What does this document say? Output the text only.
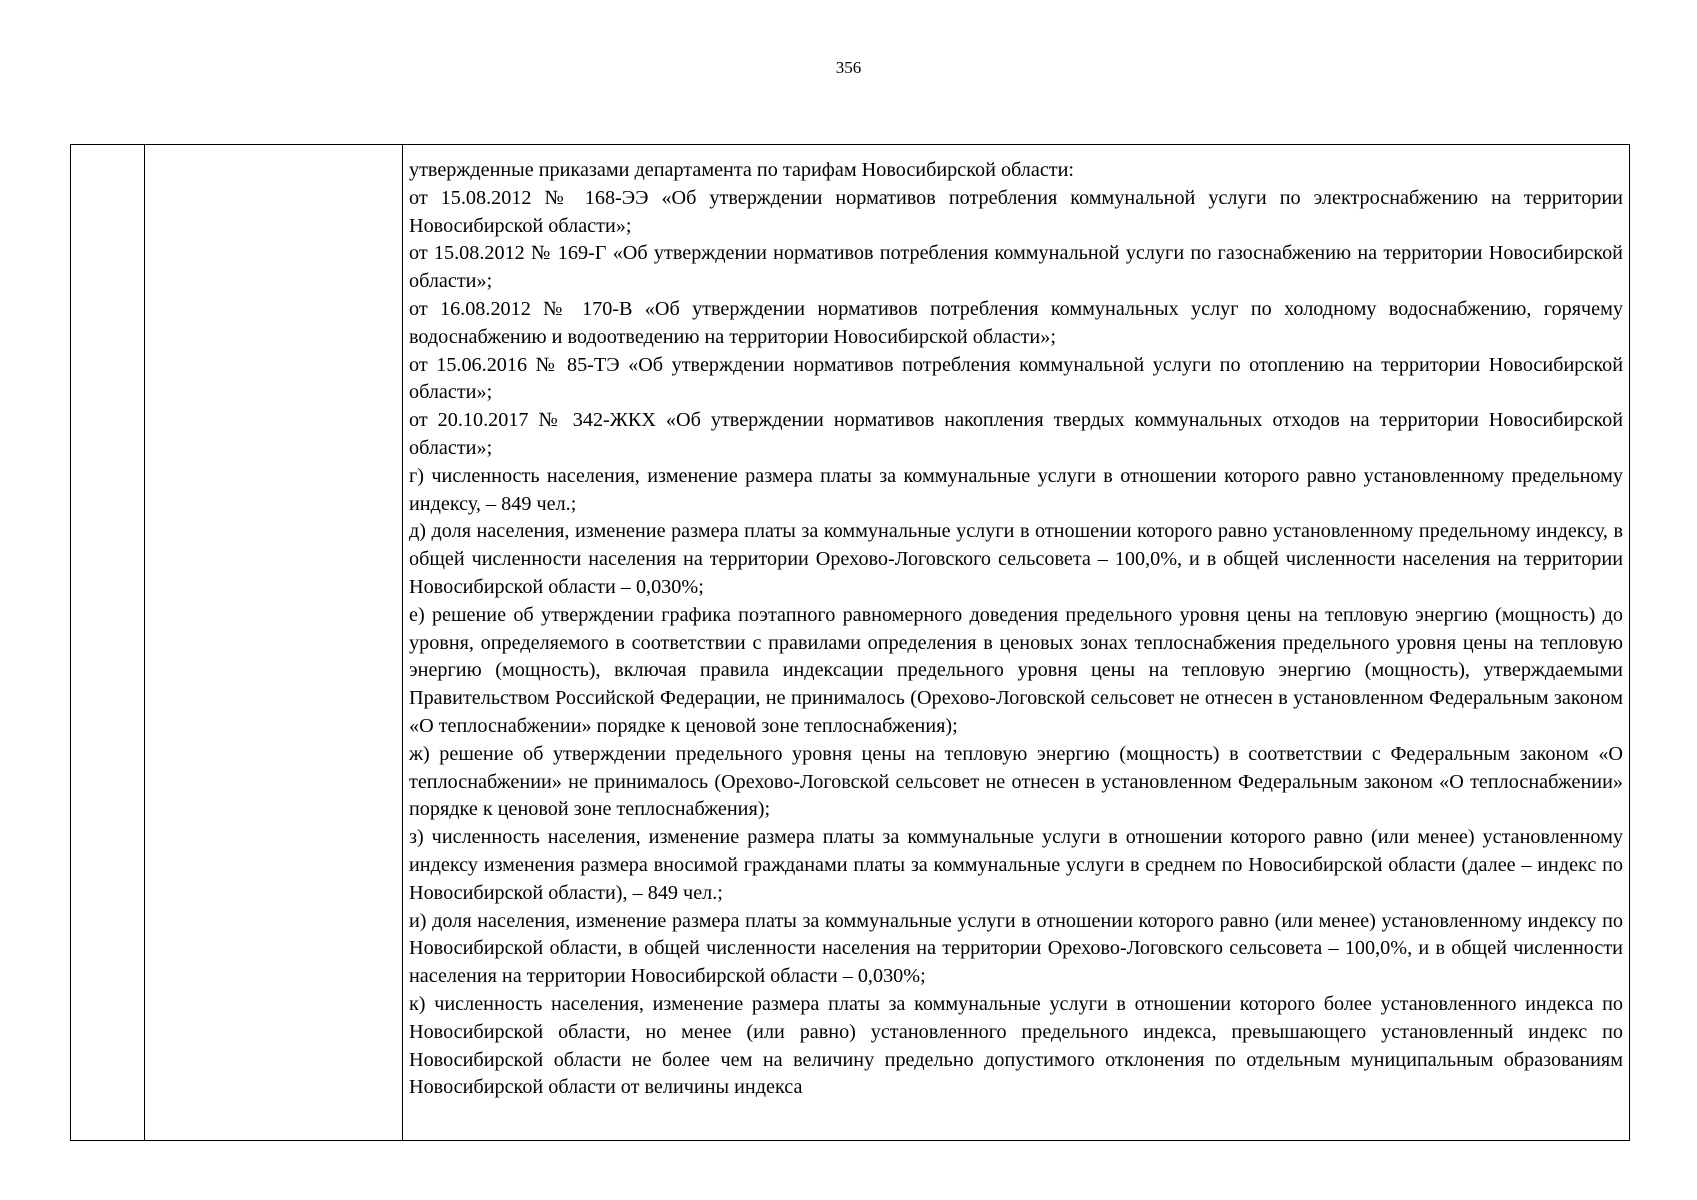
356

утвержденные приказами департамента по тарифам Новосибирской области:

от 15.08.2012 № 168-ЭЭ «Об утверждении нормативов потребления коммунальной услуги по электроснабжению на территории Новосибирской области»;

от 15.08.2012 № 169-Г «Об утверждении нормативов потребления коммунальной услуги по газоснабжению на территории Новосибирской области»;

от 16.08.2012 № 170-В «Об утверждении нормативов потребления коммунальных услуг по холодному водоснабжению, горячему водоснабжению и водоотведению на территории Новосибирской области»;

от 15.06.2016 № 85-ТЭ «Об утверждении нормативов потребления коммунальной услуги по отоплению на территории Новосибирской области»;

от 20.10.2017 № 342-ЖКХ «Об утверждении нормативов накопления твердых коммунальных отходов на территории Новосибирской области»;

г) численность населения, изменение размера платы за коммунальные услуги в отношении которого равно установленному предельному индексу, – 849 чел.;

д) доля населения, изменение размера платы за коммунальные услуги в отношении которого равно установленному предельному индексу, в общей численности населения на территории Орехово-Логовского сельсовета – 100,0%, и в общей численности населения на территории Новосибирской области – 0,030%;

е) решение об утверждении графика поэтапного равномерного доведения предельного уровня цены на тепловую энергию (мощность) до уровня, определяемого в соответствии с правилами определения в ценовых зонах теплоснабжения предельного уровня цены на тепловую энергию (мощность), включая правила индексации предельного уровня цены на тепловую энергию (мощность), утверждаемыми Правительством Российской Федерации, не принималось (Орехово-Логовской сельсовет не отнесен в установленном Федеральным законом «О теплоснабжении» порядке к ценовой зоне теплоснабжения);

ж) решение об утверждении предельного уровня цены на тепловую энергию (мощность) в соответствии с Федеральным законом «О теплоснабжении» не принималось (Орехово-Логовской сельсовет не отнесен в установленном Федеральным законом «О теплоснабжении» порядке к ценовой зоне теплоснабжения);

з) численность населения, изменение размера платы за коммунальные услуги в отношении которого равно (или менее) установленному индексу изменения размера вносимой гражданами платы за коммунальные услуги в среднем по Новосибирской области (далее – индекс по Новосибирской области), – 849 чел.;

и) доля населения, изменение размера платы за коммунальные услуги в отношении которого равно (или менее) установленному индексу по Новосибирской области, в общей численности населения на территории Орехово-Логовского сельсовета – 100,0%, и в общей численности населения на территории Новосибирской области – 0,030%;

к) численность населения, изменение размера платы за коммунальные услуги в отношении которого более установленного индекса по Новосибирской области, но менее (или равно) установленного предельного индекса, превышающего установленный индекс по Новосибирской области не более чем на величину предельно допустимого отклонения по отдельным муниципальным образованиям Новосибирской области от величины индекса
